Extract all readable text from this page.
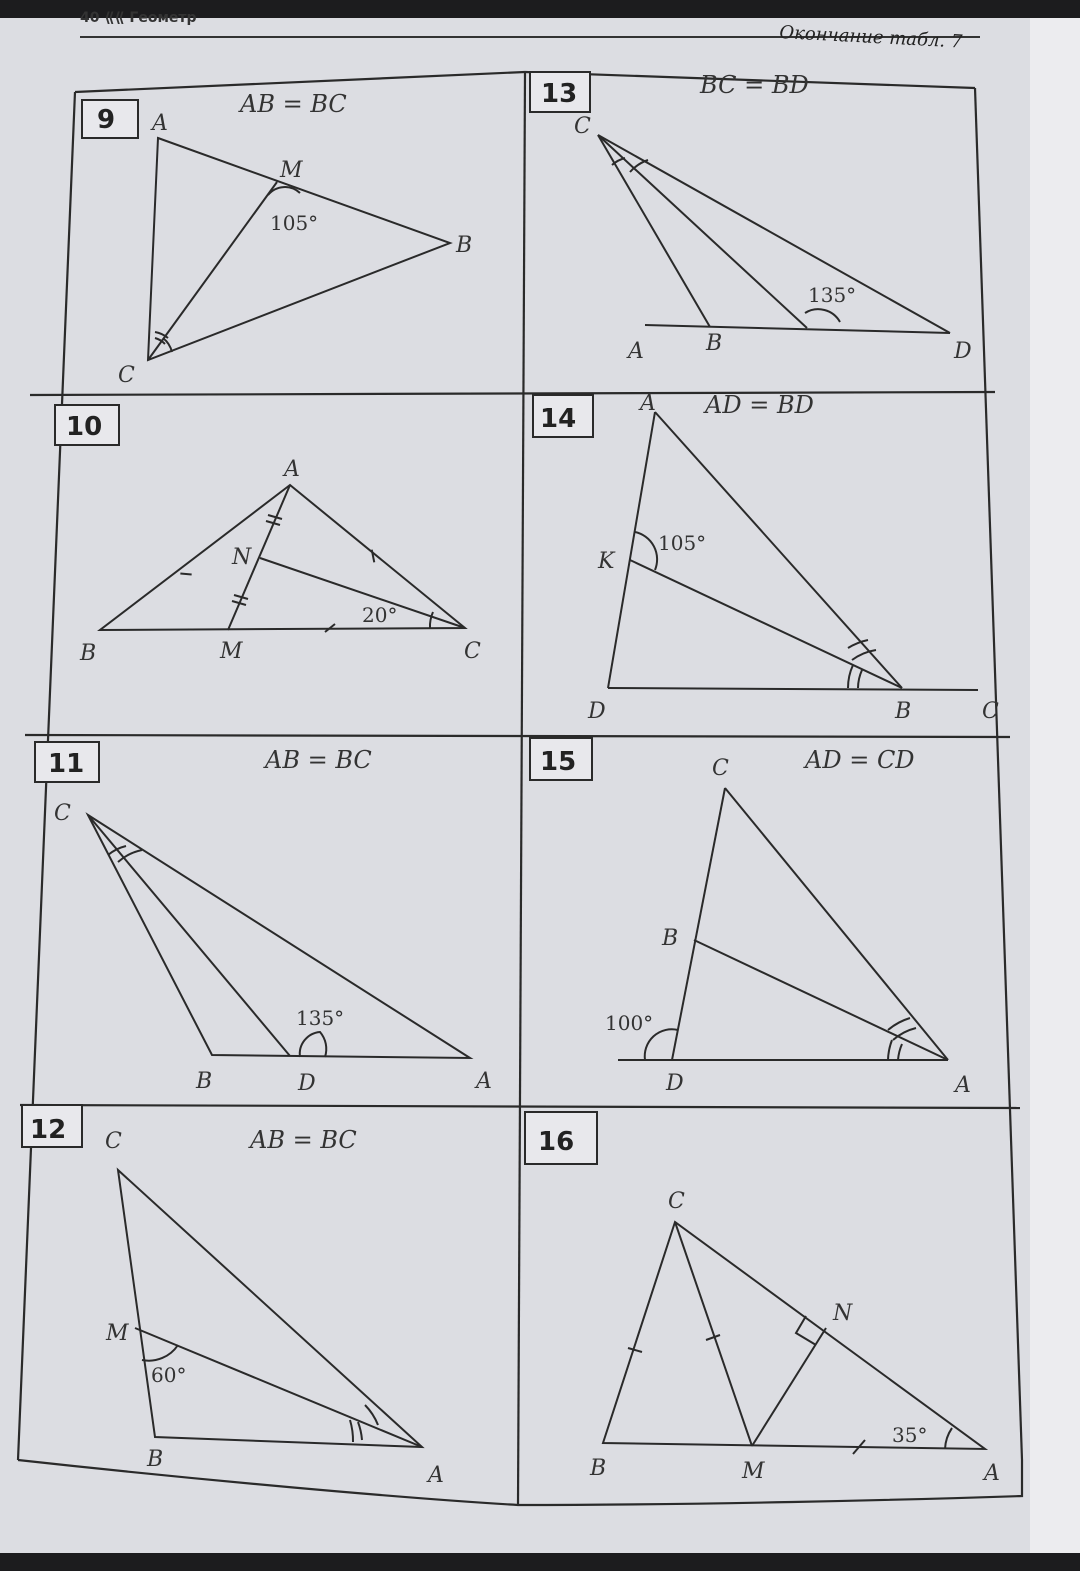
40 ⟪⟪ Геометр
Окончание табл. 7
9
AB = BC
A
M
B
C
105°
10
A
N
B	M	C
20°
11	AB = BC
C
B	D	A
135°
12	AB = BC
C
M
B
A
60°
13	BC = BD
C
A	B	D
135°
14	AD = BD
A
K
D	B	C
105°
15	AD = CD
C
B
D	A
100°
16
C
N
B	M	A
35°
